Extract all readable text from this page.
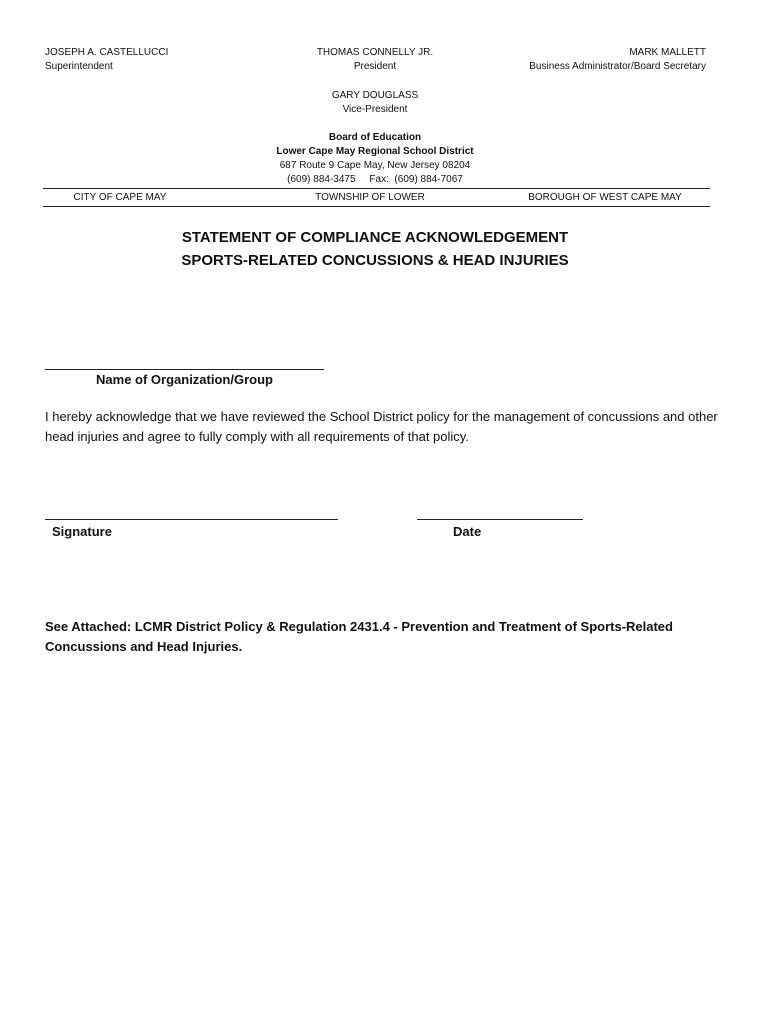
JOSEPH A. CASTELLUCCI
Superintendent
THOMAS CONNELLY JR.
President
MARK MALLETT
Business Administrator/Board Secretary
GARY DOUGLASS
Vice-President
Board of Education
Lower Cape May Regional School District
687 Route 9 Cape May, New Jersey 08204
(609) 884-3475     Fax:  (609) 884-7067
CITY OF CAPE MAY	TOWNSHIP OF LOWER	BOROUGH OF WEST CAPE MAY
STATEMENT OF COMPLIANCE ACKNOWLEDGEMENT
SPORTS-RELATED CONCUSSIONS & HEAD INJURIES
Name of Organization/Group
I hereby acknowledge that we have reviewed the School District policy for the management of concussions and other head injuries and agree to fully comply with all requirements of that policy.
Signature	Date
See Attached: LCMR District Policy & Regulation 2431.4 - Prevention and Treatment of Sports-Related Concussions and Head Injuries.
